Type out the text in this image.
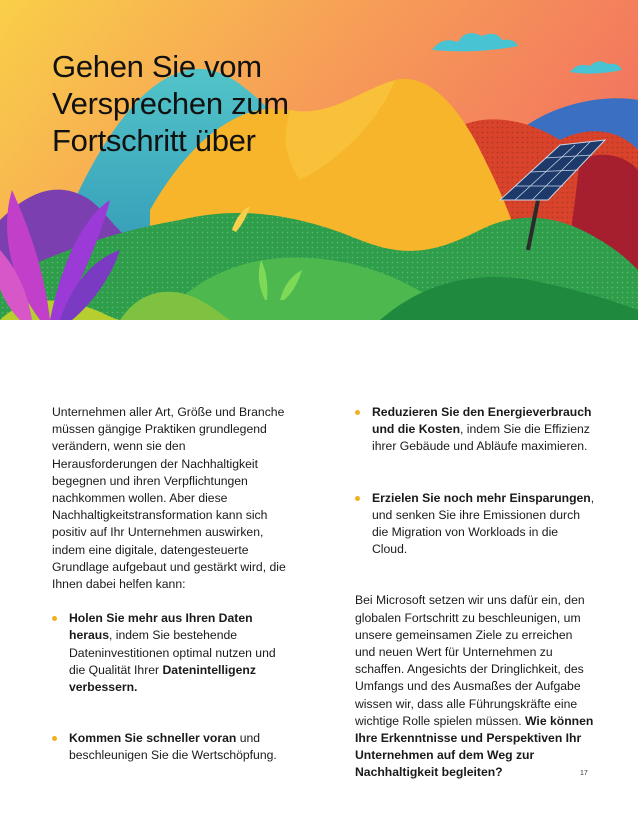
Gehen Sie vom
Versprechen zum
Fortschritt über

Unternehmen aller Art, Größe und Branche müssen gängige Praktiken grundlegend verändern, wenn sie den Herausforderungen der Nachhaltigkeit begegnen und ihren Verpflichtungen nachkommen wollen. Aber diese Nachhaltigkeitstransformation kann sich positiv auf Ihr Unternehmen auswirken, indem eine digitale, datengesteuerte Grundlage aufgebaut und gestärkt wird, die Ihnen dabei helfen kann:

Holen Sie mehr aus Ihren Daten heraus, indem Sie bestehende Dateninvestitionen optimal nutzen und die Qualität Ihrer Datenintelligenz verbessern.
Kommen Sie schneller voran und beschleunigen Sie die Wertschöpfung.
Reduzieren Sie den Energieverbrauch und die Kosten, indem Sie die Effizienz ihrer Gebäude und Abläufe maximieren.
Erzielen Sie noch mehr Einsparungen, und senken Sie ihre Emissionen durch die Migration von Workloads in die Cloud.

Bei Microsoft setzen wir uns dafür ein, den globalen Fortschritt zu beschleunigen, um unsere gemeinsamen Ziele zu erreichen und neuen Wert für Unternehmen zu schaffen. Angesichts der Dringlichkeit, des Umfangs und des Ausmaßes der Aufgabe wissen wir, dass alle Führungskräfte eine wichtige Rolle spielen müssen. Wie können Ihre Erkenntnisse und Perspektiven Ihr Unternehmen auf dem Weg zur Nachhaltigkeit begleiten?	17
